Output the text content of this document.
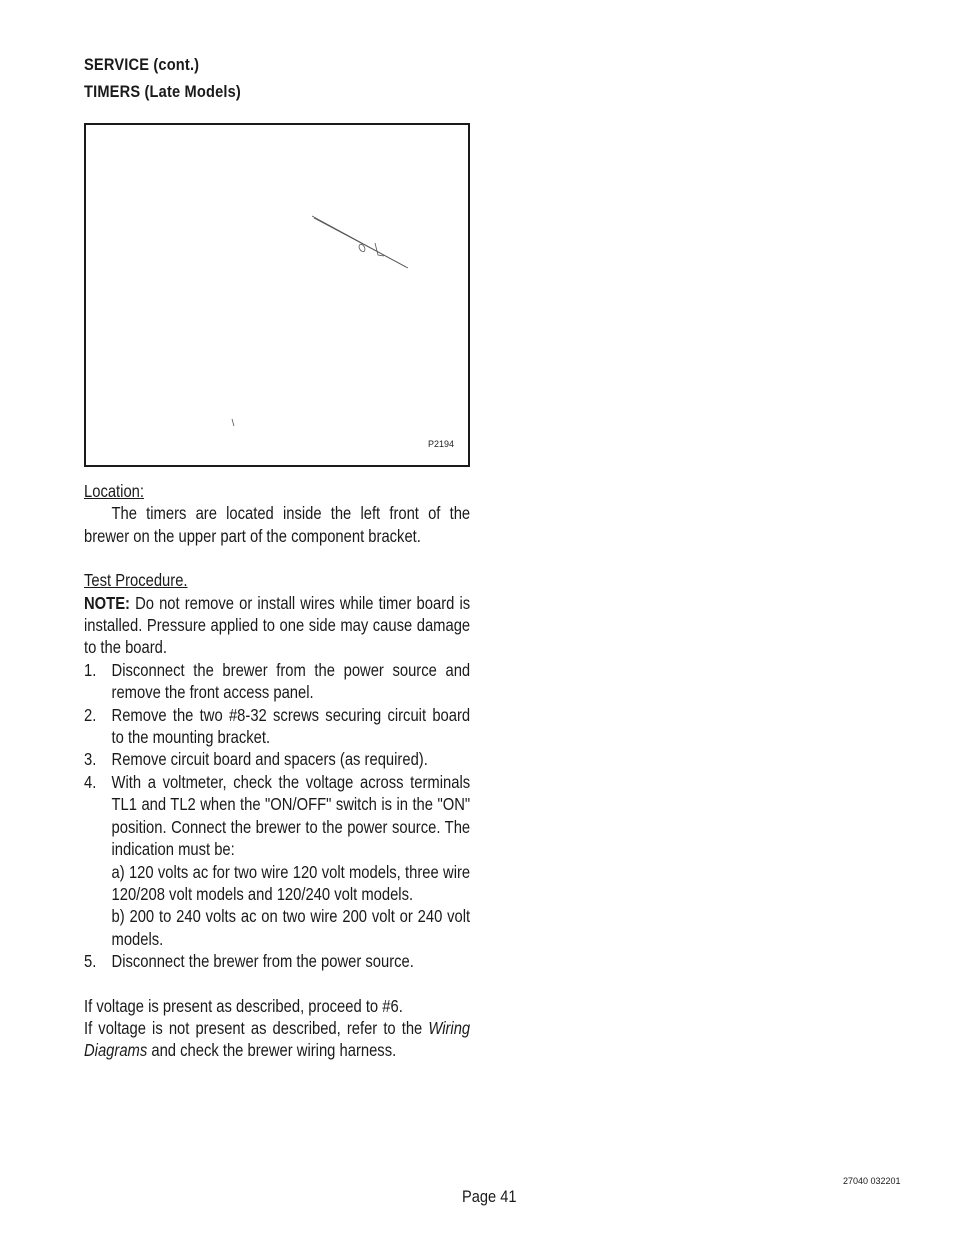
SERVICE (cont.)
TIMERS (Late Models)
P2194

Location:

The timers are located inside the left front of the brewer on the upper part of the component bracket.

Test Procedure.

NOTE: Do not remove or install wires while timer board is installed. Pressure applied to one side may cause damage to the board.

1. Disconnect the brewer from the power source and remove the front access panel.
2. Remove the two #8-32 screws securing circuit board to the mounting bracket.
3. Remove circuit board and spacers (as required).
4. With a voltmeter, check the voltage across terminals TL1 and TL2 when the "ON/OFF" switch is in the "ON" position. Connect the brewer to the power source. The indication must be:
a) 120 volts ac for two wire 120 volt models, three wire 120/208 volt models and 120/240 volt models.
b) 200 to 240 volts ac on two wire 200 volt or 240 volt models.
5. Disconnect the brewer from the power source.

If voltage is present as described, proceed to #6.

If voltage is not present as described, refer to the Wiring Diagrams and check the brewer wiring harness.

Page 41
27040 032201
